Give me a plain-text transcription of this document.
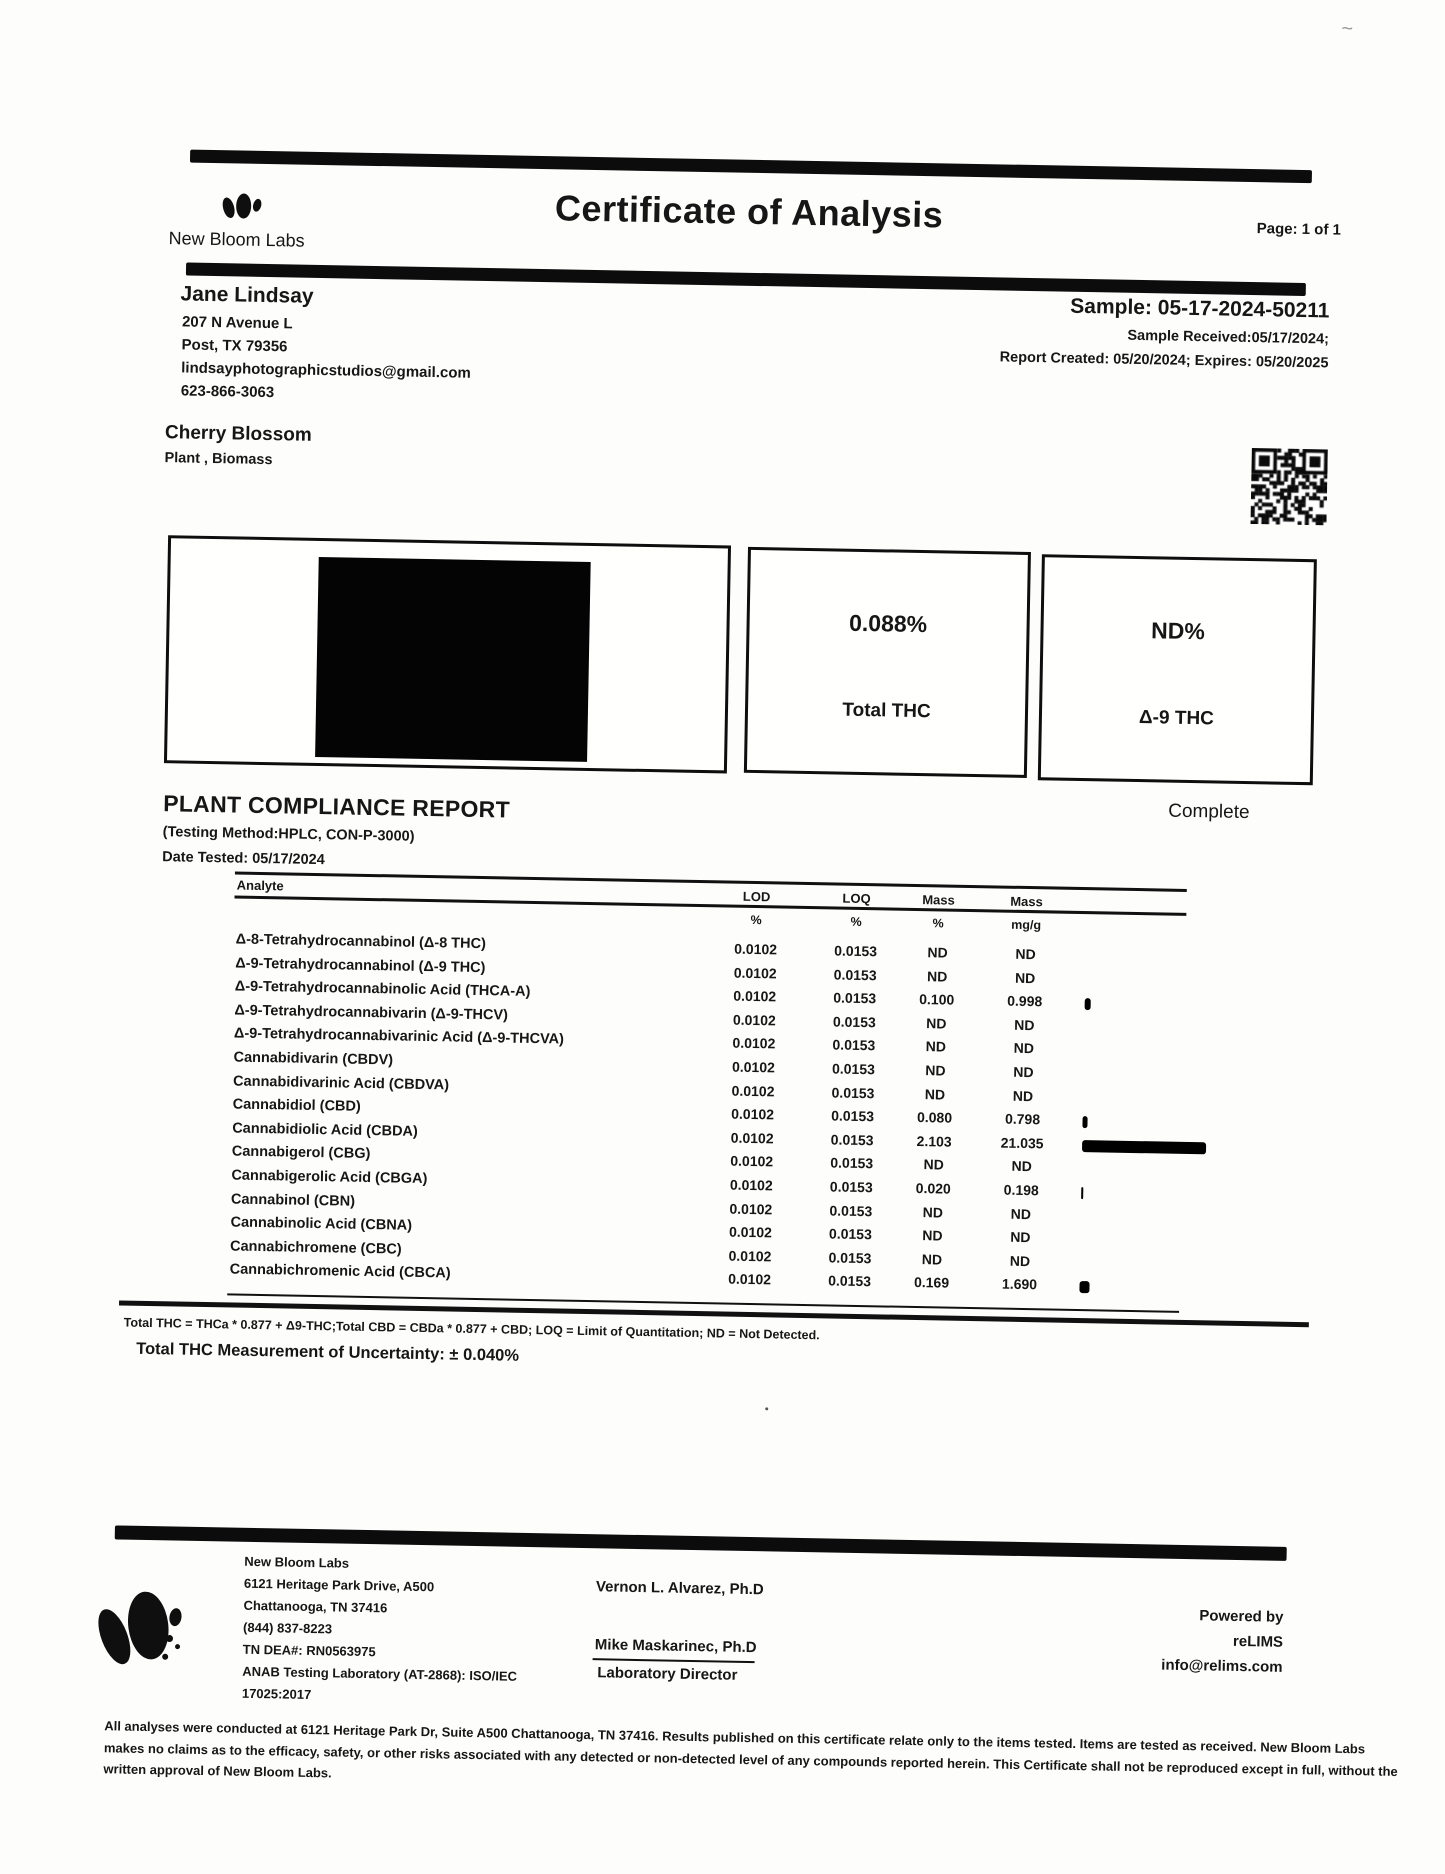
~
New Bloom Labs
Certificate of Analysis	Page: 1 of 1
Jane Lindsay
207 N Avenue L
Post, TX 79356
lindsayphotographicstudios@gmail.com
623-866-3063
Sample: 05-17-2024-50211
Sample Received:05/17/2024;
Report Created: 05/20/2024; Expires: 05/20/2025
Cherry Blossom
Plant , Biomass
0.088%
Total THC
ND%
Δ-9 THC
PLANT COMPLIANCE REPORT
(Testing Method:HPLC, CON-P-3000)
Date Tested: 05/17/2024
Complete
Analyte
LOD	LOQ	Mass	Mass
%	%	%	mg/g
Δ-8-Tetrahydrocannabinol (Δ-8 THC)	0.0102	0.0153	ND	ND
Δ-9-Tetrahydrocannabinol (Δ-9 THC)	0.0102	0.0153	ND	ND
Δ-9-Tetrahydrocannabinolic Acid (THCA-A)	0.0102	0.0153	0.100	0.998
Δ-9-Tetrahydrocannabivarin (Δ-9-THCV)	0.0102	0.0153	ND	ND
Δ-9-Tetrahydrocannabivarinic Acid (Δ-9-THCVA)	0.0102	0.0153	ND	ND
Cannabidivarin (CBDV)	0.0102	0.0153	ND	ND
Cannabidivarinic Acid (CBDVA)	0.0102	0.0153	ND	ND
Cannabidiol (CBD)	0.0102	0.0153	0.080	0.798
Cannabidiolic Acid (CBDA)	0.0102	0.0153	2.103	21.035
Cannabigerol (CBG)	0.0102	0.0153	ND	ND
Cannabigerolic Acid (CBGA)	0.0102	0.0153	0.020	0.198
Cannabinol (CBN)	0.0102	0.0153	ND	ND
Cannabinolic Acid (CBNA)	0.0102	0.0153	ND	ND
Cannabichromene (CBC)	0.0102	0.0153	ND	ND
Cannabichromenic Acid (CBCA)	0.0102	0.0153	0.169	1.690
Total THC = THCa * 0.877 + Δ9-THC;Total CBD = CBDa * 0.877 + CBD; LOQ = Limit of Quantitation; ND = Not Detected.
Total THC Measurement of Uncertainty: ± 0.040%
New Bloom Labs
6121 Heritage Park Drive, A500
Chattanooga, TN 37416
(844) 837-8223
TN DEA#: RN0563975
ANAB Testing Laboratory (AT-2868): ISO/IEC
17025:2017
Vernon L. Alvarez, Ph.D
Mike Maskarinec, Ph.D
Laboratory Director
Powered by
reLIMS
info@relims.com
All analyses were conducted at 6121 Heritage Park Dr, Suite A500 Chattanooga, TN 37416. Results published on this certificate relate only to the items tested. Items are tested as received. New Bloom Labs makes no claims as to the efficacy, safety, or other risks associated with any detected or non-detected level of any compounds reported herein. This Certificate shall not be reproduced except in full, without the written approval of New Bloom Labs.
